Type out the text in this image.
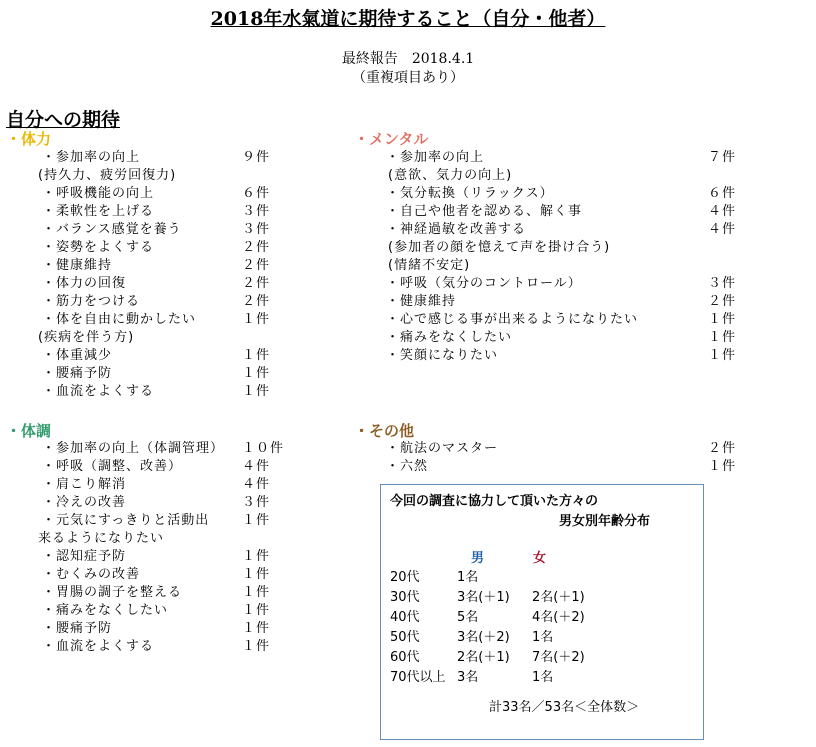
2018年水氣道に期待すること（自分・他者）
最終報告　2018.4.1
（重複項目あり）
自分への期待
・体力	・メンタル
・体調	・その他
・参加率の向上	９件
(持久力、疲労回復力)
・呼吸機能の向上	６件
・柔軟性を上げる	３件
・バランス感覚を養う	３件
・姿勢をよくする	２件
・健康維持	２件
・体力の回復	２件
・筋力をつける	２件
・体を自由に動かしたい	１件
(疾病を伴う方)
・体重減少	１件
・腰痛予防	１件
・血流をよくする	１件
・参加率の向上	７件
(意欲、気力の向上)
・気分転換（リラックス）	６件
・自己や他者を認める、解く事	４件
・神経過敏を改善する	４件
(参加者の顔を憶えて声を掛け合う)
(情緒不安定)
・呼吸（気分のコントロール）	３件
・健康維持	２件
・心で感じる事が出来るようになりたい	１件
・痛みをなくしたい	１件
・笑顔になりたい	１件
・参加率の向上（体調管理） １０件
・呼吸（調整、改善）	４件
・肩こり解消	４件
・冷えの改善	３件
・元気にすっきりと活動出	１件
来るようになりたい
・認知症予防	１件
・むくみの改善	１件
・胃腸の調子を整える	１件
・痛みをなくしたい	１件
・腰痛予防	１件
・血流をよくする	１件
・航法のマスター	２件
・六然	１件
今回の調査に協力して頂いた方々の
男女別年齢分布
男	女
20代	1名
30代	3名(＋1) 2名(＋1)
40代	5名	4名(＋2)
50代	3名(＋2) 1名
60代	2名(＋1) 7名(＋2)
70代以上 3名	1名
計33名／53名＜全体数＞
